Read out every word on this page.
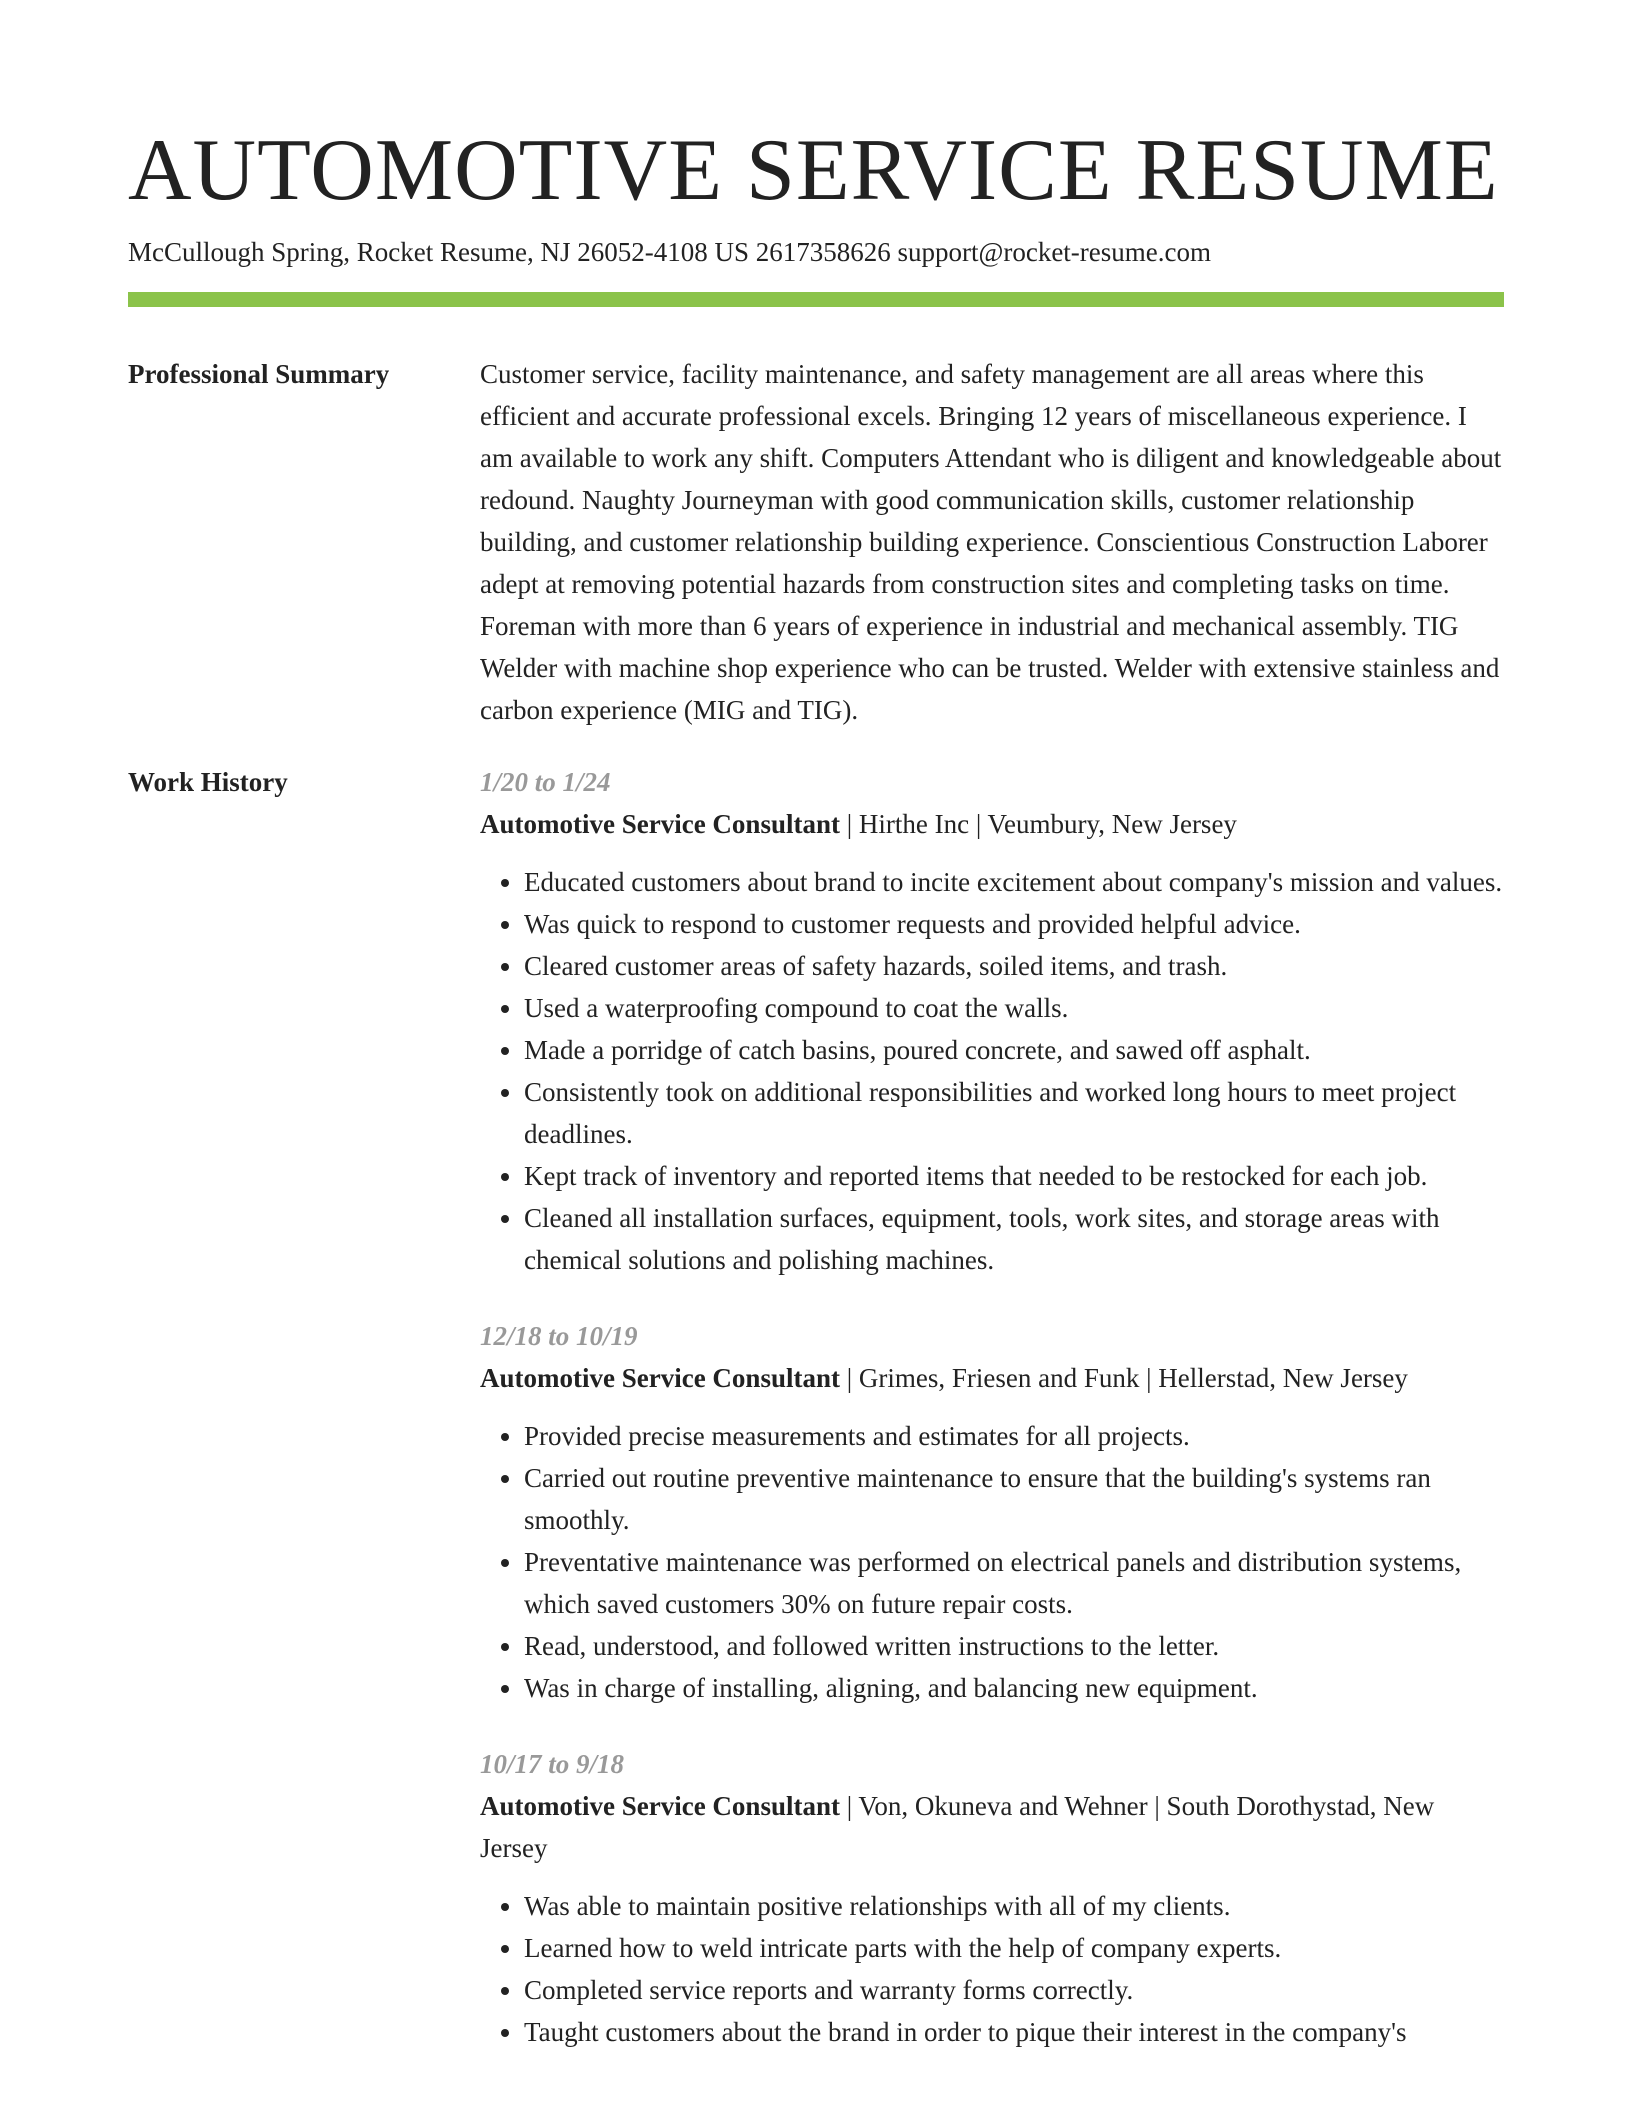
AUTOMOTIVE SERVICE RESUME
McCullough Spring, Rocket Resume, NJ 26052-4108 US 2617358626 support@rocket-resume.com
Professional Summary	Customer service, facility maintenance, and safety management are all areas where this efficient and accurate professional excels. Bringing 12 years of miscellaneous experience. I am available to work any shift. Computers Attendant who is diligent and knowledgeable about redound. Naughty Journeyman with good communication skills, customer relationship building, and customer relationship building experience. Conscientious Construction Laborer adept at removing potential hazards from construction sites and completing tasks on time. Foreman with more than 6 years of experience in industrial and mechanical assembly. TIG Welder with machine shop experience who can be trusted. Welder with extensive stainless and carbon experience (MIG and TIG).

Work History	1/20 to 1/24
Automotive Service Consultant | Hirthe Inc | Veumbury, New Jersey
• Educated customers about brand to incite excitement about company's mission and values.
• Was quick to respond to customer requests and provided helpful advice.
• Cleared customer areas of safety hazards, soiled items, and trash.
• Used a waterproofing compound to coat the walls.
• Made a porridge of catch basins, poured concrete, and sawed off asphalt.
• Consistently took on additional responsibilities and worked long hours to meet project deadlines.
• Kept track of inventory and reported items that needed to be restocked for each job.
• Cleaned all installation surfaces, equipment, tools, work sites, and storage areas with chemical solutions and polishing machines.
12/18 to 10/19
Automotive Service Consultant | Grimes, Friesen and Funk | Hellerstad, New Jersey
• Provided precise measurements and estimates for all projects.
• Carried out routine preventive maintenance to ensure that the building's systems ran smoothly.
• Preventative maintenance was performed on electrical panels and distribution systems, which saved customers 30% on future repair costs.
• Read, understood, and followed written instructions to the letter.
• Was in charge of installing, aligning, and balancing new equipment.
10/17 to 9/18
Automotive Service Consultant | Von, Okuneva and Wehner | South Dorothystad, New Jersey
• Was able to maintain positive relationships with all of my clients.
• Learned how to weld intricate parts with the help of company experts.
• Completed service reports and warranty forms correctly.
• Taught customers about the brand in order to pique their interest in the company's
